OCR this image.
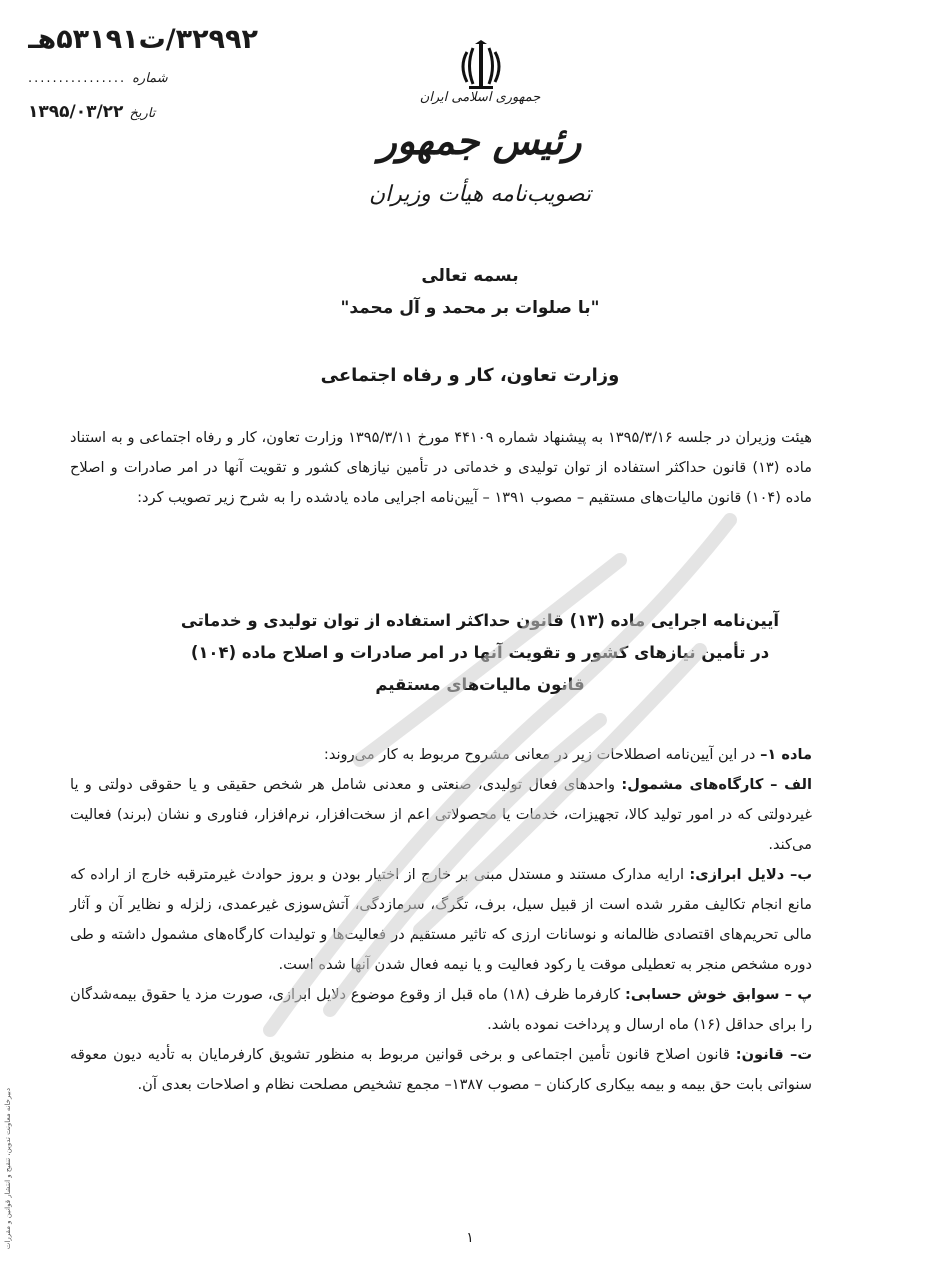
۳۲۹۹۲/ت۵۳۱۹۱هـ
شماره
................
تاریخ
۱۳۹۵/۰۳/۲۲
جمهوری اسلامی ایران
رئیس جمهور
تصویب‌نامه هیأت وزیران
بسمه تعالی
"با صلوات بر محمد و آل محمد"
وزارت تعاون، کار و رفاه اجتماعی
هیئت وزیران در جلسه ۱۳۹۵/۳/۱۶ به پیشنهاد شماره ۴۴۱۰۹ مورخ ۱۳۹۵/۳/۱۱ وزارت تعاون، کار و رفاه اجتماعی و به استناد ماده (۱۳) قانون حداکثر استفاده از توان تولیدی و خدماتی در تأمین نیازهای کشور و تقویت آنها در امر صادرات و اصلاح ماده (۱۰۴) قانون مالیات‌های مستقیم – مصوب ۱۳۹۱ – آیین‌نامه اجرایی ماده یادشده را به شرح زیر تصویب کرد:
آیین‌نامه اجرایی ماده (۱۳) قانون حداکثر استفاده از توان تولیدی و خدماتی
در تأمین نیازهای کشور و تقویت آنها در امر صادرات و اصلاح ماده (۱۰۴)
قانون مالیات‌های مستقیم

ماده ۱– در این آیین‌نامه اصطلاحات زیر در معانی مشروح مربوط به کار می‌روند:

الف – کارگاه‌های مشمول: واحدهای فعال تولیدی، صنعتی و معدنی شامل هر شخص حقیقی و یا حقوقی دولتی و یا غیردولتی که در امور تولید کالا، تجهیزات، خدمات یا محصولاتی اعم از سخت‌افزار، نرم‌افزار، فناوری و نشان (برند) فعالیت می‌کند.

ب– دلایل ابرازی: ارایه مدارک مستند و مستدل مبنی بر خارج از اختیار بودن و بروز حوادث غیرمترقبه خارج از اراده که مانع انجام تکالیف مقرر شده است از قبیل سیل، برف، تگرگ، سرمازدگی، آتش‌سوزی غیرعمدی، زلزله و نظایر آن و آثار مالی تحریم‌های اقتصادی ظالمانه و نوسانات ارزی که تاثیر مستقیم در فعالیت‌ها و تولیدات کارگاه‌های مشمول داشته و طی دوره مشخص منجر به تعطیلی موقت یا رکود فعالیت و یا نیمه فعال شدن آنها شده است.

پ – سوابق خوش حسابی: کارفرما ظرف (۱۸) ماه قبل از وقوع موضوع دلایل ابرازی، صورت مزد یا حقوق بیمه‌شدگان را برای حداقل (۱۶) ماه ارسال و پرداخت نموده باشد.

ت– قانون: قانون اصلاح قانون تأمین اجتماعی و برخی قوانین مربوط به منظور تشویق کارفرمایان به تأدیه دیون معوقه سنواتی بابت حق بیمه و بیمه بیکاری کارکنان – مصوب ۱۳۸۷– مجمع تشخیص مصلحت نظام و اصلاحات بعدی آن.

۱
دبیرخانه معاونت تدوین، تنقیح و انتشار قوانین و مقررات
